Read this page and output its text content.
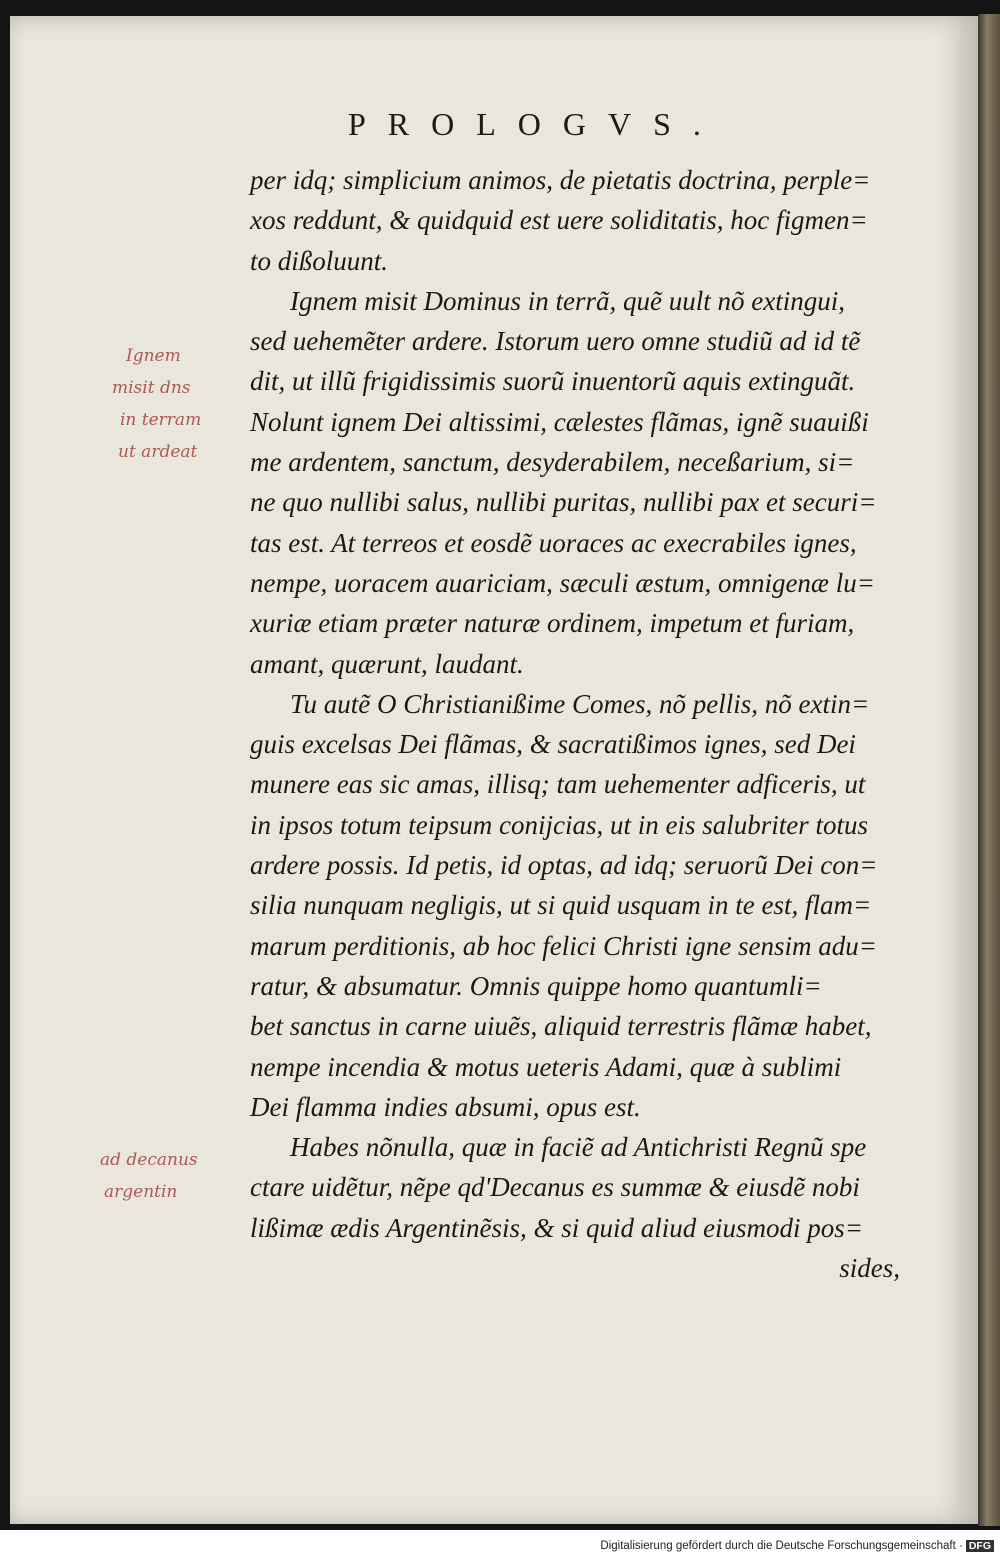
PROLOGVS.
per idq; simplicium animos, de pietatis doctrina, perple=
xos reddunt, & quidquid est uere soliditatis, hoc figmen=
to dißoluunt.
Ignem misit Dominus in terrã, quẽ uult nõ extingui,
sed uehemẽter ardere. Istorum uero omne studiũ ad id tẽ
dit, ut illũ frigidissimis suorũ inuentorũ aquis extinguãt.
Nolunt ignem Dei altissimi, cælestes flãmas, ignẽ suauißi
me ardentem, sanctum, desyderabilem, neceßarium, si=
ne quo nullibi salus, nullibi puritas, nullibi pax et securi=
tas est. At terreos et eosdẽ uoraces ac execrabiles ignes,
nempe, uoracem auariciam, sæculi æstum, omnigenæ lu=
xuriæ etiam præter naturæ ordinem, impetum et furiam,
amant, quærunt, laudant.
Tu autẽ O Christianißime Comes, nõ pellis, nõ extin=
guis excelsas Dei flãmas, & sacratißimos ignes, sed Dei
munere eas sic amas, illisq; tam uehementer adficeris, ut
in ipsos totum teipsum conijcias, ut in eis salubriter totus
ardere possis. Id petis, id optas, ad idq; seruorũ Dei con=
silia nunquam negligis, ut si quid usquam in te est, flam=
marum perditionis, ab hoc felici Christi igne sensim adu=
ratur, & absumatur. Omnis quippe homo quantumli=
bet sanctus in carne uiuẽs, aliquid terrestris flãmæ habet,
nempe incendia & motus ueteris Adami, quæ à sublimi
Dei flamma indies absumi, opus est.
Habes nõnulla, quæ in faciẽ ad Antichristi Regnũ spe
ctare uidẽtur, nẽpe qd'Decanus es summæ & eiusdẽ nobi
lißimæ ædis Argentinẽsis, & si quid aliud eiusmodi pos=
sides,
Ignem
misit dns
in terram
ut ardeat
ad decanus
argentin
Digitalisierung gefördert durch die Deutsche Forschungsgemeinschaft · DFG
